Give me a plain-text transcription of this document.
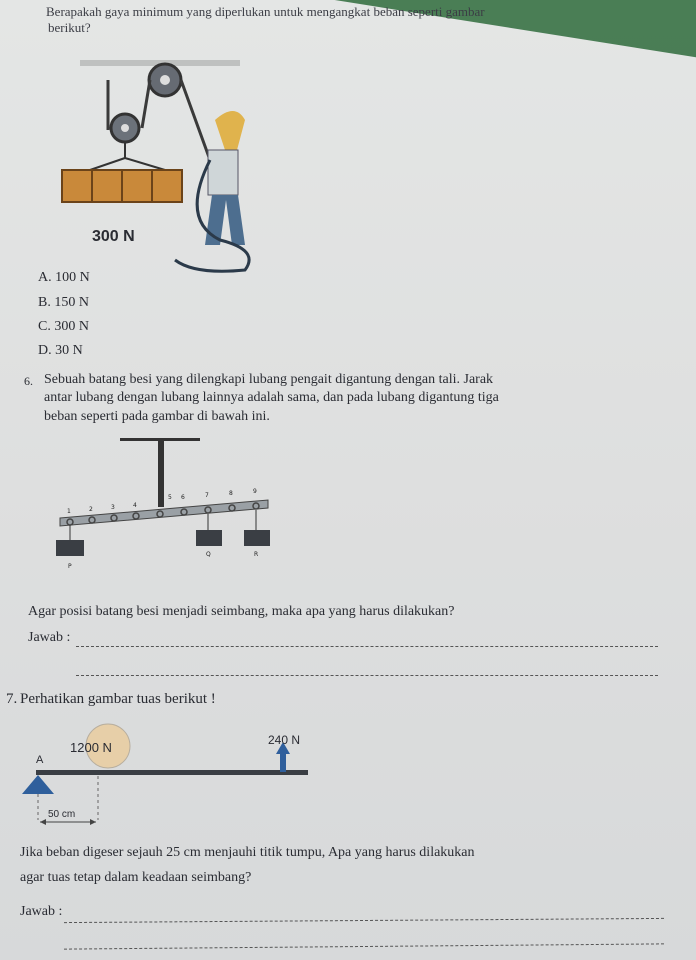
Berapakah gaya minimum yang diperlukan untuk mengangkat beban seperti gambar
berikut?
300 N
A. 100 N
B. 150 N
C. 300 N
D. 30 N
6. Sebuah batang besi yang dilengkapi lubang pengait digantung dengan tali. Jarak
antar lubang dengan lubang lainnya adalah sama, dan pada lubang digantung tiga
beban seperti pada gambar di bawah ini.
1	2	3	4
5 6	7	8	9
P
Q	R
Agar posisi batang besi menjadi seimbang, maka apa yang harus dilakukan?
Jawab :
7. Perhatikan gambar tuas berikut !
1200 N	240 N
A
50 cm
Jika beban digeser sejauh 25 cm menjauhi titik tumpu, Apa yang harus dilakukan
agar tuas tetap dalam keadaan seimbang?
Jawab :
